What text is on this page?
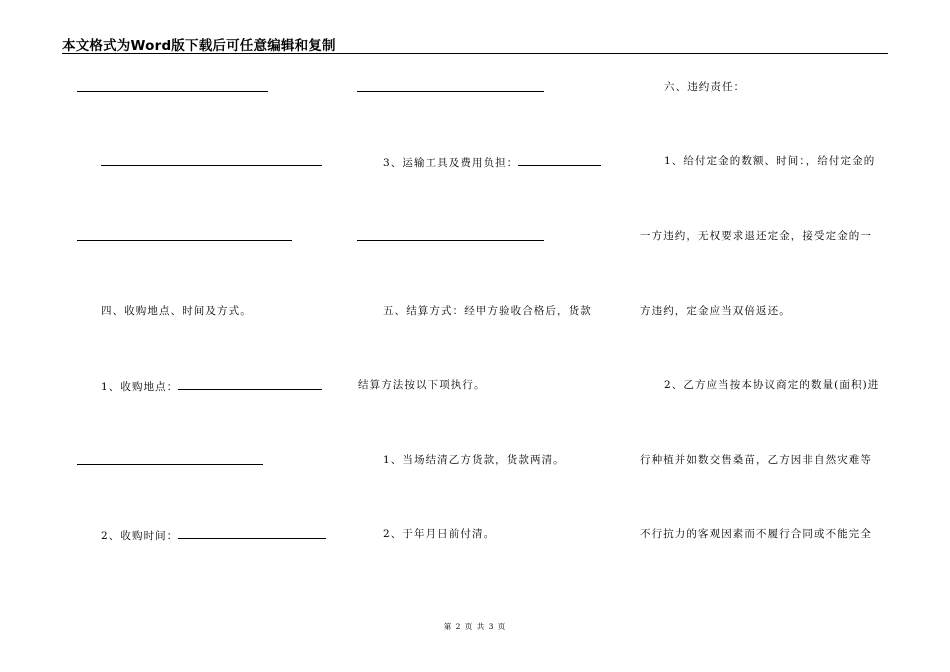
本文格式为Word版下载后可任意编辑和复制
四、收购地点、时间及方式。
1、收购地点：
2、收购时间：
3、运输工具及费用负担：
五、结算方式：经甲方验收合格后，货款
结算方法按以下项执行。
1、当场结清乙方货款，货款两清。
2、于年月日前付清。
六、违约责任：
1、给付定金的数额、时间：，给付定金的
一方违约，无权要求退还定金，接受定金的一
方违约，定金应当双倍返还。
2、乙方应当按本协议商定的数量(面积)进
行种植并如数交售桑苗，乙方因非自然灾难等
不行抗力的客观因素而不履行合同或不能完全
第 2 页 共 3 页
